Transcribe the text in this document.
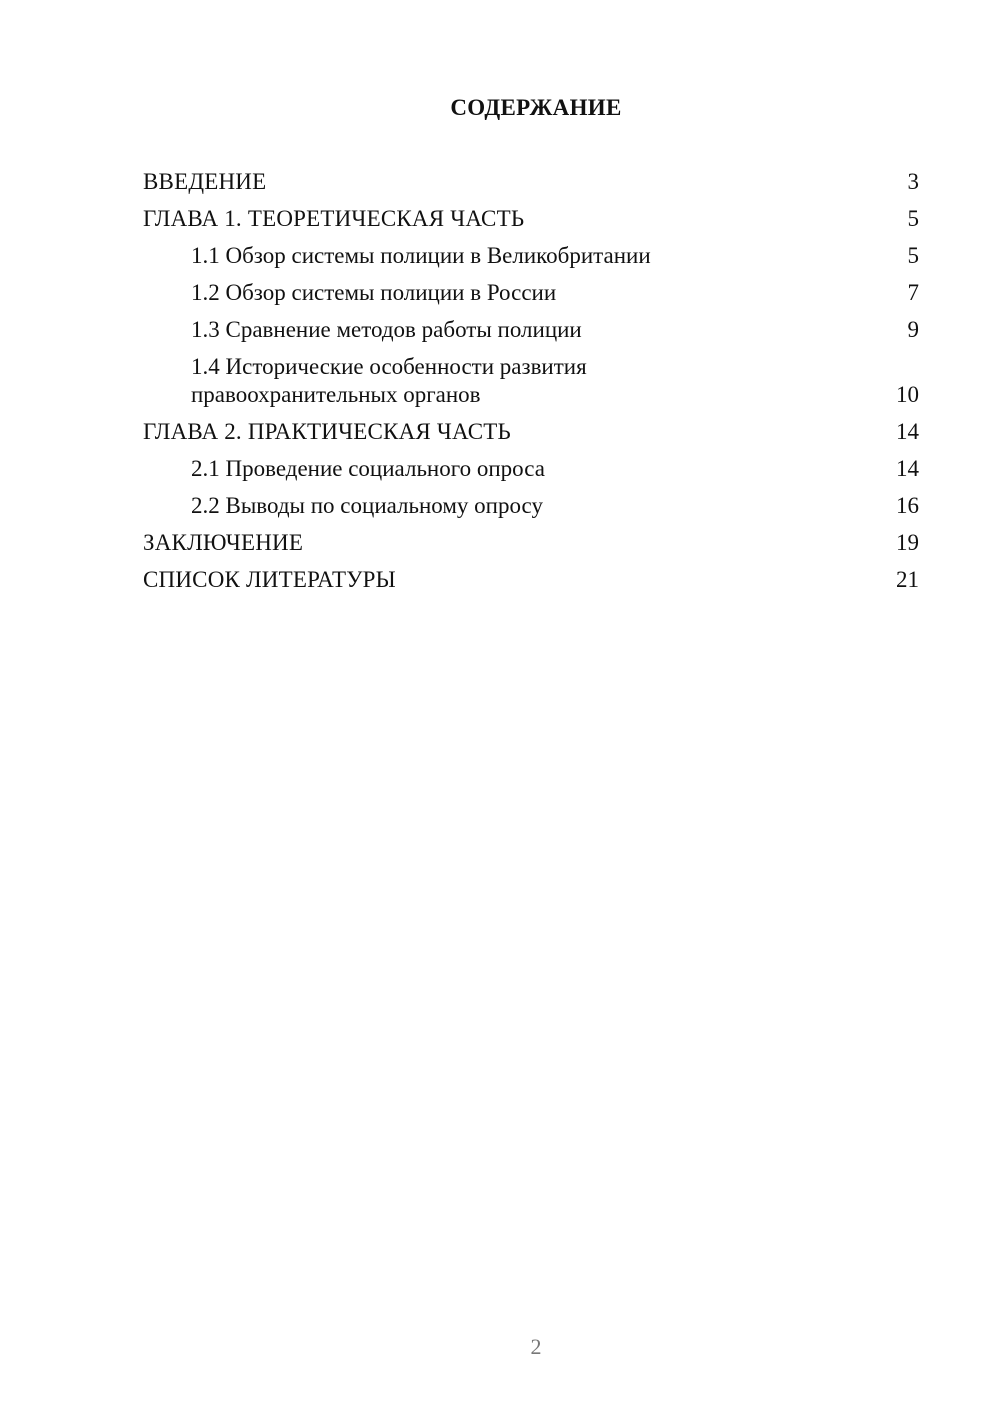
СОДЕРЖАНИЕ
ВВЕДЕНИЕ	3
ГЛАВА 1. ТЕОРЕТИЧЕСКАЯ ЧАСТЬ	5
1.1 Обзор системы полиции в Великобритании	5
1.2 Обзор системы полиции в России	7
1.3 Сравнение методов работы полиции	9
1.4 Исторические особенности развития правоохранительных органов	10
ГЛАВА 2. ПРАКТИЧЕСКАЯ ЧАСТЬ	14
2.1 Проведение социального опроса	14
2.2 Выводы по социальному опросу	16
ЗАКЛЮЧЕНИЕ	19
СПИСОК ЛИТЕРАТУРЫ	21
2
